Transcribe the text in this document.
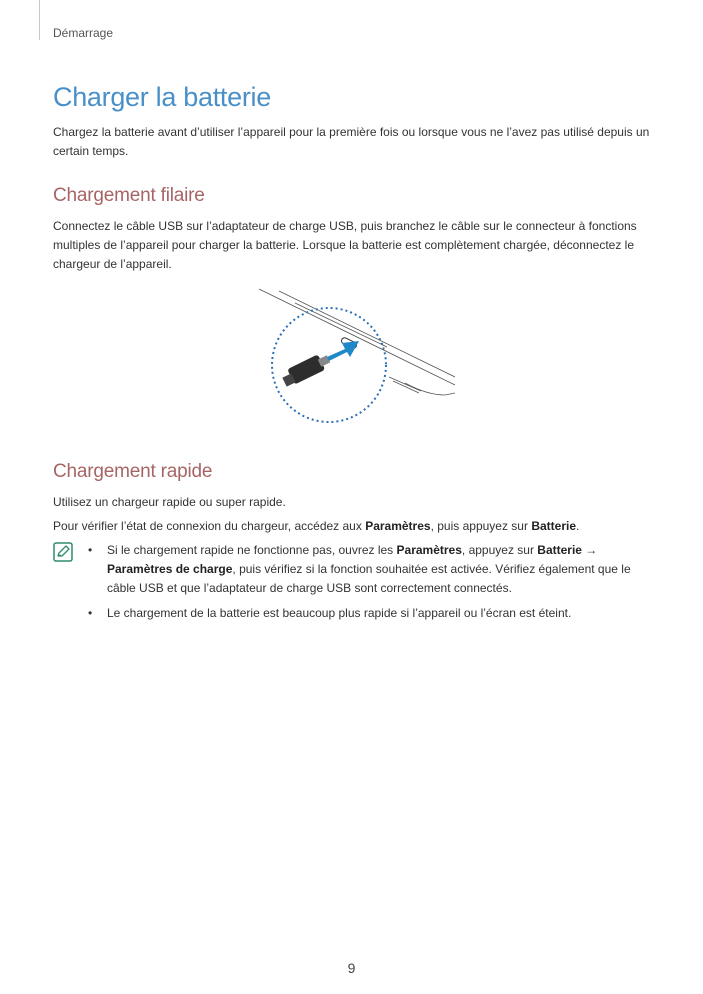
Démarrage
Charger la batterie

Chargez la batterie avant d’utiliser l’appareil pour la première fois ou lorsque vous ne l’avez pas utilisé depuis un certain temps.

Chargement filaire

Connectez le câble USB sur l’adaptateur de charge USB, puis branchez le câble sur le connecteur à fonctions multiples de l’appareil pour charger la batterie. Lorsque la batterie est complètement chargée, déconnectez le chargeur de l’appareil.

Chargement rapide

Utilisez un chargeur rapide ou super rapide.

Pour vérifier l’état de connexion du chargeur, accédez aux Paramètres, puis appuyez sur Batterie.

• Si le chargement rapide ne fonctionne pas, ouvrez les Paramètres, appuyez sur Batterie → Paramètres de charge, puis vérifiez si la fonction souhaitée est activée. Vérifiez également que le câble USB et que l’adaptateur de charge USB sont correctement connectés.
• Le chargement de la batterie est beaucoup plus rapide si l’appareil ou l’écran est éteint.
9
